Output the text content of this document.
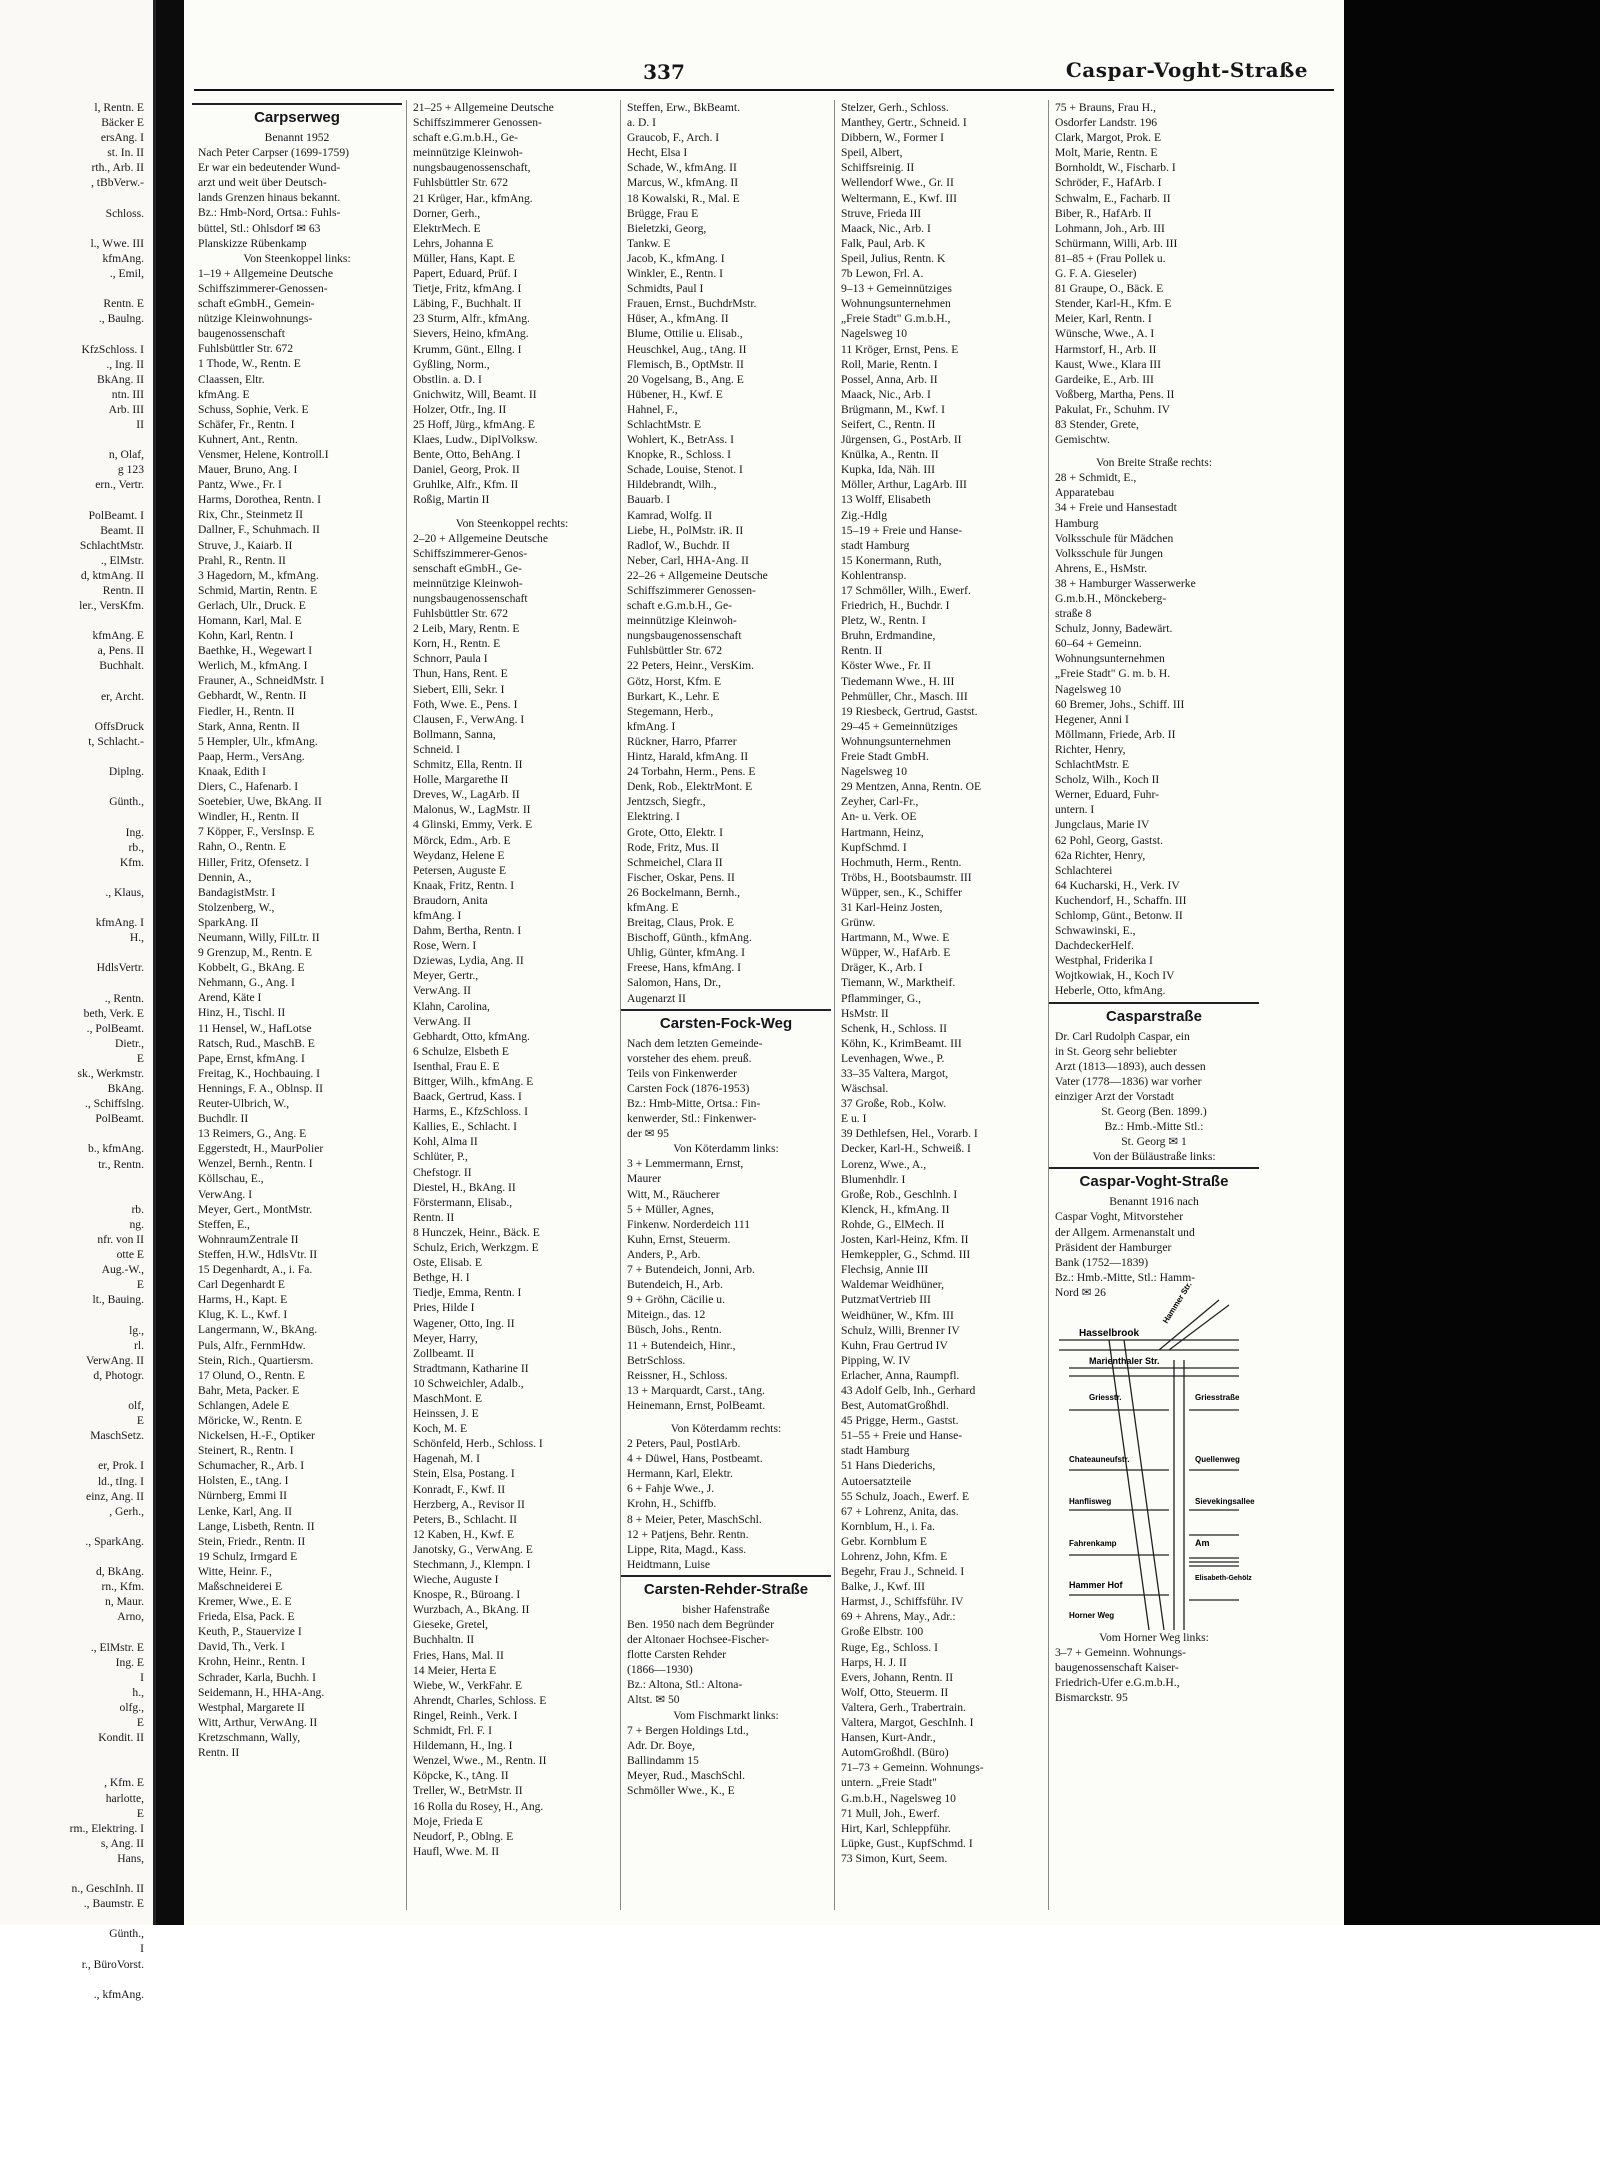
l, Rentn. E
Bäcker E
ersAng. I
st. In. II
rth., Arb. II
, tBbVerw.-

Schloss.

l., Wwe. III
kfmAng.
., Emil,

Rentn. E
., Baulng.

KfzSchloss. I
., Ing. II
BkAng. II
ntn. III
Arb. III
II

n, Olaf,
g 123
ern., Vertr.

PolBeamt. I
Beamt. II
SchlachtMstr.
., ElMstr.
d, ktmAng. II
Rentn. II
ler., VersKfm.

kfmAng. E
a, Pens. II
Buchhalt.

er, Archt.

OffsDruck
t, Schlacht.-

Diplng.

Günth.,

Ing.
rb.,
Kfm.

., Klaus,

kfmAng. I
H.,

HdlsVertr.

., Rentn.
beth, Verk. E
., PolBeamt.
Dietr.,
E
sk., Werkmstr.
BkAng.
., Schiffslng.
PolBeamt.

b., kfmAng.
tr., Rentn.

rb.
ng.
nfr. von II
otte E
Aug.-W.,
E
lt., Bauing.

lg.,
rl.
VerwAng. II
d, Photogr.

olf,
E
MaschSetz.

er, Prok. I
ld., tIng. I
einz, Ang. II
, Gerh.,

., SparkAng.

d, BkAng.
rn., Kfm.
n, Maur.
Arno,

., ElMstr. E
Ing. E
I
h.,
olfg.,
E
Kondit. II

, Kfm. E
harlotte,
E
rm., Elektring. I
s, Ang. II
Hans,

n., GeschInh. II
., Baumstr. E

Günth.,
I
r., BüroVorst.

., kfmAng.
337	Caspar-Voght-Straße
Carpserweg
Benannt 1952
Nach Peter Carpser (1699-1759)
Er war ein bedeutender Wund-
arzt und weit über Deutsch-
lands Grenzen hinaus bekannt.
Bz.: Hmb-Nord, Ortsa.: Fuhls-
büttel, Stl.: Ohlsdorf ✉ 63
Planskizze Rübenkamp
Von Steenkoppel links:
1–19 + Allgemeine Deutsche
Schiffszimmerer-Genossen-
schaft eGmbH., Gemein-
nützige Kleinwohnungs-
baugenossenschaft
Fuhlsbüttler Str. 672
1 Thode, W., Rentn. E
Claassen, Eltr.
kfmAng. E
Schuss, Sophie, Verk. E
Schäfer, Fr., Rentn. I
Kuhnert, Ant., Rentn.
Vensmer, Helene, Kontroll.I
Mauer, Bruno, Ang. I
Pantz, Wwe., Fr. I
Harms, Dorothea, Rentn. I
Rix, Chr., Steinmetz II
Dallner, F., Schuhmach. II
Struve, J., Kaiarb. II
Prahl, R., Rentn. II
3 Hagedorn, M., kfmAng.
Schmid, Martin, Rentn. E
Gerlach, Ulr., Druck. E
Homann, Karl, Mal. E
Kohn, Karl, Rentn. I
Baethke, H., Wegewart I
Werlich, M., kfmAng. I
Frauner, A., SchneidMstr. I
Gebhardt, W., Rentn. II
Fiedler, H., Rentn. II
Stark, Anna, Rentn. II
5 Hempler, Ulr., kfmAng.
Paap, Herm., VersAng.
Knaak, Edith I
Diers, C., Hafenarb. I
Soetebier, Uwe, BkAng. II
Windler, H., Rentn. II
7 Köpper, F., VersInsp. E
Rahn, O., Rentn. E
Hiller, Fritz, Ofensetz. I
Dennin, A.,
BandagistMstr. I
Stolzenberg, W.,
SparkAng. II
Neumann, Willy, FilLtr. II
9 Grenzup, M., Rentn. E
Kobbelt, G., BkAng. E
Nehmann, G., Ang. I
Arend, Käte I
Hinz, H., Tischl. II
11 Hensel, W., HafLotse
Ratsch, Rud., MaschB. E
Pape, Ernst, kfmAng. I
Freitag, K., Hochbauing. I
Hennings, F. A., Oblnsp. II
Reuter-Ulbrich, W.,
Buchdlr. II
13 Reimers, G., Ang. E
Eggerstedt, H., MaurPolier
Wenzel, Bernh., Rentn. I
Köllschau, E.,
VerwAng. I
Meyer, Gert., MontMstr.
Steffen, E.,
WohnraumZentrale II
Steffen, H.W., HdlsVtr. II
15 Degenhardt, A., i. Fa.
Carl Degenhardt E
Harms, H., Kapt. E
Klug, K. L., Kwf. I
Langermann, W., BkAng.
Puls, Alfr., FernmHdw.
Stein, Rich., Quartiersm.
17 Olund, O., Rentn. E
Bahr, Meta, Packer. E
Schlangen, Adele E
Möricke, W., Rentn. E
Nickelsen, H.-F., Optiker
Steinert, R., Rentn. I
Schumacher, R., Arb. I
Holsten, E., tAng. I
Nürnberg, Emmi II
Lenke, Karl, Ang. II
Lange, Lisbeth, Rentn. II
Stein, Friedr., Rentn. II
19 Schulz, Irmgard E
Witte, Heinr. F.,
Maßschneiderei E
Kremer, Wwe., E. E
Frieda, Elsa, Pack. E
Keuth, P., Stauervize I
David, Th., Verk. I
Krohn, Heinr., Rentn. I
Schrader, Karla, Buchh. I
Seidemann, H., HHA-Ang.
Westphal, Margarete II
Witt, Arthur, VerwAng. II
Kretzschmann, Wally,
Rentn. II
21–25 + Allgemeine Deutsche
Schiffszimmerer Genossen-
schaft e.G.m.b.H., Ge-
meinnützige Kleinwoh-
nungsbaugenossenschaft,
Fuhlsbüttler Str. 672
21 Krüger, Har., kfmAng.
Dorner, Gerh.,
ElektrMech. E
Lehrs, Johanna E
Müller, Hans, Kapt. E
Papert, Eduard, Prüf. I
Tietje, Fritz, kfmAng. I
Läbing, F., Buchhalt. II
23 Sturm, Alfr., kfmAng.
Sievers, Heino, kfmAng.
Krumm, Günt., Ellng. I
Gyßling, Norm.,
Obstlin. a. D. I
Gnichwitz, Will, Beamt. II
Holzer, Otfr., Ing. II
25 Hoff, Jürg., kfmAng. E
Klaes, Ludw., DiplVolksw.
Bente, Otto, BehAng. I
Daniel, Georg, Prok. II
Gruhlke, Alfr., Kfm. II
Roßig, Martin II
Von Steenkoppel rechts:
2–20 + Allgemeine Deutsche
Schiffszimmerer-Genos-
senschaft eGmbH., Ge-
meinnützige Kleinwoh-
nungsbaugenossenschaft
Fuhlsbüttler Str. 672
2 Leib, Mary, Rentn. E
Korn, H., Rentn. E
Schnorr, Paula I
Thun, Hans, Rent. E
Siebert, Elli, Sekr. I
Foth, Wwe. E., Pens. I
Clausen, F., VerwAng. I
Bollmann, Sanna,
Schneid. I
Schmitz, Ella, Rentn. II
Holle, Margarethe II
Dreves, W., LagArb. II
Malonus, W., LagMstr. II
4 Glinski, Emmy, Verk. E
Mörck, Edm., Arb. E
Weydanz, Helene E
Petersen, Auguste E
Knaak, Fritz, Rentn. I
Braudorn, Anita
kfmAng. I
Dahm, Bertha, Rentn. I
Rose, Wern. I
Dziewas, Lydia, Ang. II
Meyer, Gertr.,
VerwAng. II
Klahn, Carolina,
VerwAng. II
Gebhardt, Otto, kfmAng.
6 Schulze, Elsbeth E
Isenthal, Frau E. E
Bittger, Wilh., kfmAng. E
Baack, Gertrud, Kass. I
Harms, E., KfzSchloss. I
Kallies, E., Schlacht. I
Kohl, Alma II
Schlüter, P.,
Chefstogr. II
Diestel, H., BkAng. II
Förstermann, Elisab.,
Rentn. II
8 Hunczek, Heinr., Bäck. E
Schulz, Erich, Werkzgm. E
Oste, Elisab. E
Bethge, H. I
Tiedje, Emma, Rentn. I
Pries, Hilde I
Wagener, Otto, Ing. II
Meyer, Harry,
Zollbeamt. II
Stradtmann, Katharine II
10 Schweichler, Adalb.,
MaschMont. E
Heinssen, J. E
Koch, M. E
Schönfeld, Herb., Schloss. I
Hagenah, M. I
Stein, Elsa, Postang. I
Konradt, F., Kwf. II
Herzberg, A., Revisor II
Peters, B., Schlacht. II
12 Kaben, H., Kwf. E
Janotsky, G., VerwAng. E
Stechmann, J., Klempn. I
Wieche, Auguste I
Knospe, R., Büroang. I
Wurzbach, A., BkAng. II
Gieseke, Gretel,
Buchhaltn. II
Fries, Hans, Mal. II
14 Meier, Herta E
Wiebe, W., VerkFahr. E
Ahrendt, Charles, Schloss. E
Ringel, Reinh., Verk. I
Schmidt, Frl. F. I
Hildemann, H., Ing. I
Wenzel, Wwe., M., Rentn. II
Köpcke, K., tAng. II
Treller, W., BetrMstr. II
16 Rolla du Rosey, H., Ang.
Moje, Frieda E
Neudorf, P., Oblng. E
Haufl, Wwe. M. II
Steffen, Erw., BkBeamt.
a. D. I
Graucob, F., Arch. I
Hecht, Elsa I
Schade, W., kfmAng. II
Marcus, W., kfmAng. II
18 Kowalski, R., Mal. E
Brügge, Frau E
Bieletzki, Georg,
Tankw. E
Jacob, K., kfmAng. I
Winkler, E., Rentn. I
Schmidts, Paul I
Frauen, Ernst., BuchdrMstr.
Hüser, A., kfmAng. II
Blume, Ottilie u. Elisab.,
Heuschkel, Aug., tAng. II
Flemisch, B., OptMstr. II
20 Vogelsang, B., Ang. E
Hübener, H., Kwf. E
Hahnel, F.,
SchlachtMstr. E
Wohlert, K., BetrAss. I
Knopke, R., Schloss. I
Schade, Louise, Stenot. I
Hildebrandt, Wilh.,
Bauarb. I
Kamrad, Wolfg. II
Liebe, H., PolMstr. iR. II
Radlof, W., Buchdr. II
Neber, Carl, HHA-Ang. II
22–26 + Allgemeine Deutsche
Schiffszimmerer Genossen-
schaft e.G.m.b.H., Ge-
meinnützige Kleinwoh-
nungsbaugenossenschaft
Fuhlsbüttler Str. 672
22 Peters, Heinr., VersKim.
Götz, Horst, Kfm. E
Burkart, K., Lehr. E
Stegemann, Herb.,
kfmAng. I
Rückner, Harro, Pfarrer
Hintz, Harald, kfmAng. II
24 Torbahn, Herm., Pens. E
Denk, Rob., ElektrMont. E
Jentzsch, Siegfr.,
Elektring. I
Grote, Otto, Elektr. I
Rode, Fritz, Mus. II
Schmeichel, Clara II
Fischer, Oskar, Pens. II
26 Bockelmann, Bernh.,
kfmAng. E
Breitag, Claus, Prok. E
Bischoff, Günth., kfmAng.
Uhlig, Günter, kfmAng. I
Freese, Hans, kfmAng. I
Salomon, Hans, Dr.,
Augenarzt II
Carsten-Fock-Weg
Nach dem letzten Gemeinde-
vorsteher des ehem. preuß.
Teils von Finkenwerder
Carsten Fock (1876-1953)
Bz.: Hmb-Mitte, Ortsa.: Fin-
kenwerder, Stl.: Finkenwer-
der ✉ 95
Von Köterdamm links:
3 + Lemmermann, Ernst,
Maurer
Witt, M., Räucherer
5 + Müller, Agnes,
Finkenw. Norderdeich 111
Kuhn, Ernst, Steuerm.
Anders, P., Arb.
7 + Butendeich, Jonni, Arb.
Butendeich, H., Arb.
9 + Gröhn, Cäcilie u.
Miteign., das. 12
Büsch, Johs., Rentn.
11 + Butendeich, Hinr.,
BetrSchloss.
Reissner, H., Schloss.
13 + Marquardt, Carst., tAng.
Heinemann, Ernst, PolBeamt.
Von Köterdamm rechts:
2 Peters, Paul, PostlArb.
4 + Düwel, Hans, Postbeamt.
Hermann, Karl, Elektr.
6 + Fahje Wwe., J.
Krohn, H., Schiffb.
8 + Meier, Peter, MaschSchl.
12 + Patjens, Behr. Rentn.
Lippe, Rita, Magd., Kass.
Heidtmann, Luise
Carsten-Rehder-Straße
bisher Hafenstraße
Ben. 1950 nach dem Begründer
der Altonaer Hochsee-Fischer-
flotte Carsten Rehder
(1866—1930)
Bz.: Altona, Stl.: Altona-
Altst. ✉ 50
Vom Fischmarkt links:
7 + Bergen Holdings Ltd.,
Adr. Dr. Boye,
Ballindamm 15
Meyer, Rud., MaschSchl.
Schmöller Wwe., K., E
Stelzer, Gerh., Schloss.
Manthey, Gertr., Schneid. I
Dibbern, W., Former I
Speil, Albert,
Schiffsreinig. II
Wellendorf Wwe., Gr. II
Weltermann, E., Kwf. III
Struve, Frieda III
Maack, Nic., Arb. I
Falk, Paul, Arb. K
Speil, Julius, Rentn. K
7b Lewon, Frl. A.
9–13 + Gemeinnütziges
Wohnungsunternehmen
„Freie Stadt" G.m.b.H.,
Nagelsweg 10
11 Kröger, Ernst, Pens. E
Roll, Marie, Rentn. I
Possel, Anna, Arb. II
Maack, Nic., Arb. I
Brügmann, M., Kwf. I
Seifert, C., Rentn. II
Jürgensen, G., PostArb. II
Knülka, A., Rentn. II
Kupka, Ida, Näh. III
Möller, Arthur, LagArb. III
13 Wolff, Elisabeth
Zig.-Hdlg
15–19 + Freie und Hanse-
stadt Hamburg
15 Konermann, Ruth,
Kohlentransp.
17 Schmöller, Wilh., Ewerf.
Friedrich, H., Buchdr. I
Pletz, W., Rentn. I
Bruhn, Erdmandine,
Rentn. II
Köster Wwe., Fr. II
Tiedemann Wwe., H. III
Pehmüller, Chr., Masch. III
19 Riesbeck, Gertrud, Gastst.
29–45 + Gemeinnütziges
Wohnungsunternehmen
Freie Stadt GmbH.
Nagelsweg 10
29 Mentzen, Anna, Rentn. OE
Zeyher, Carl-Fr.,
An- u. Verk. OE
Hartmann, Heinz,
KupfSchmd. I
Hochmuth, Herm., Rentn.
Tröbs, H., Bootsbaumstr. III
Wüpper, sen., K., Schiffer
31 Karl-Heinz Josten,
Grünw.
Hartmann, M., Wwe. E
Wüpper, W., HafArb. E
Dräger, K., Arb. I
Tiemann, W., Marktheif.
Pflamminger, G.,
HsMstr. II
Schenk, H., Schloss. II
Köhn, K., KrimBeamt. III
Levenhagen, Wwe., P.
33–35 Valtera, Margot,
Wäschsal.
37 Große, Rob., Kolw.
E u. I
39 Dethlefsen, Hel., Vorarb. I
Decker, Karl-H., Schweiß. I
Lorenz, Wwe., A.,
Blumenhdlr. I
Große, Rob., Geschlnh. I
Klenck, H., kfmAng. II
Rohde, G., ElMech. II
Josten, Karl-Heinz, Kfm. II
Hemkeppler, G., Schmd. III
Flechsig, Annie III
Waldemar Weidhüner,
PutzmatVertrieb III
Weidhüner, W., Kfm. III
Schulz, Willi, Brenner IV
Kuhn, Frau Gertrud IV
Pipping, W. IV
Erlacher, Anna, Raumpfl.
43 Adolf Gelb, Inh., Gerhard
Best, AutomatGroßhdl.
45 Prigge, Herm., Gastst.
51–55 + Freie und Hanse-
stadt Hamburg
51 Hans Diederichs,
Autoersatzteile
55 Schulz, Joach., Ewerf. E
67 + Lohrenz, Anita, das.
Kornblum, H., i. Fa.
Gebr. Kornblum E
Lohrenz, John, Kfm. E
Begehr, Frau J., Schneid. I
Balke, J., Kwf. III
Harmst, J., Schiffsführ. IV
69 + Ahrens, May., Adr.:
Große Elbstr. 100
Ruge, Eg., Schloss. I
Harps, H. J. II
Evers, Johann, Rentn. II
Wolf, Otto, Steuerm. II
Valtera, Gerh., Trabertrain.
Valtera, Margot, GeschInh. I
Hansen, Kurt-Andr.,
AutomGroßhdl. (Büro)
71–73 + Gemeinn. Wohnungs-
untern. „Freie Stadt"
G.m.b.H., Nagelsweg 10
71 Mull, Joh., Ewerf.
Hirt, Karl, Schleppführ.
Lüpke, Gust., KupfSchmd. I
73 Simon, Kurt, Seem.
75 + Brauns, Frau H.,
Osdorfer Landstr. 196
Clark, Margot, Prok. E
Molt, Marie, Rentn. E
Bornholdt, W., Fischarb. I
Schröder, F., HafArb. I
Schwalm, E., Facharb. II
Biber, R., HafArb. II
Lohmann, Joh., Arb. III
Schürmann, Willi, Arb. III
81–85 + (Frau Pollek u.
G. F. A. Gieseler)
81 Graupe, O., Bäck. E
Stender, Karl-H., Kfm. E
Meier, Karl, Rentn. I
Wünsche, Wwe., A. I
Harmstorf, H., Arb. II
Kaust, Wwe., Klara III
Gardeike, E., Arb. III
Voßberg, Martha, Pens. II
Pakulat, Fr., Schuhm. IV
83 Stender, Grete,
Gemischtw.
Von Breite Straße rechts:
28 + Schmidt, E.,
Apparatebau
34 + Freie und Hansestadt
Hamburg
Volksschule für Mädchen
Volksschule für Jungen
Ahrens, E., HsMstr.
38 + Hamburger Wasserwerke
G.m.b.H., Mönckeberg-
straße 8
Schulz, Jonny, Badewärt.
60–64 + Gemeinn.
Wohnungsunternehmen
„Freie Stadt" G. m. b. H.
Nagelsweg 10
60 Bremer, Johs., Schiff. III
Hegener, Anni I
Möllmann, Friede, Arb. II
Richter, Henry,
SchlachtMstr. E
Scholz, Wilh., Koch II
Werner, Eduard, Fuhr-
untern. I
Jungclaus, Marie IV
62 Pohl, Georg, Gastst.
62a Richter, Henry,
Schlachterei
64 Kucharski, H., Verk. IV
Kuchendorf, H., Schaffn. III
Schlomp, Günt., Betonw. II
Schwawinski, E.,
DachdeckerHelf.
Westphal, Friderika I
Wojtkowiak, H., Koch IV
Heberle, Otto, kfmAng.
Casparstraße
Dr. Carl Rudolph Caspar, ein
in St. Georg sehr beliebter
Arzt (1813—1893), auch dessen
Vater (1778—1836) war vorher
einziger Arzt der Vorstadt
St. Georg (Ben. 1899.)
Bz.: Hmb.-Mitte Stl.:
St. Georg ✉ 1
Von der Büläustraße links:
Caspar-Voght-Straße
Benannt 1916 nach
Caspar Voght, Mitvorsteher
der Allgem. Armenanstalt und
Präsident der Hamburger
Bank (1752—1839)
Bz.: Hmb.-Mitte, Stl.: Hamm-
Nord ✉ 26
Hasselbrook
Marienthaler Str.
Griesstr.	Griesstraße
Chateauneufstr.	Quellenweg
Hanflisweg	Sievekingsallee
Fahrenkamp	Am
Hammer Hof
Elisabeth-Gehölz
Horner Weg
Hammer Str.
Vom Horner Weg links:
3–7 + Gemeinn. Wohnungs-
baugenossenschaft Kaiser-
Friedrich-Ufer e.G.m.b.H.,
Bismarckstr. 95
